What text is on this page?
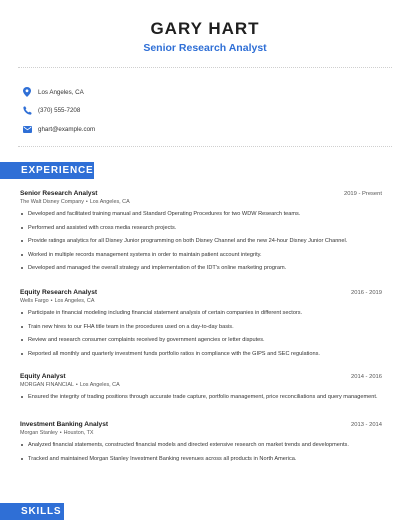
GARY HART
Senior Research Analyst
Los Angeles, CA
(370) 555-7208
ghart@example.com
EXPERIENCE
Senior Research Analyst	2019 - Present
The Walt Disney Company • Los Angeles, CA
Developed and facilitated training manual and Standard Operating Procedures for two WDW Research teams.
Performed and assisted with cross media research projects.
Provide ratings analytics for all Disney Junior programming on both Disney Channel and the new 24-hour Disney Junior Channel.
Worked in multiple records management systems in order to maintain patient account integrity.
Developed and managed the overall strategy and implementation of the IDT's online marketing program.
Equity Research Analyst	2016 - 2019
Wells Fargo • Los Angeles, CA
Participate in financial modeling including financial statement analysis of certain companies in different sectors.
Train new hires to our FHA title team in the procedures used on a day-to-day basis.
Review and research consumer complaints received by government agencies or letter disputes.
Reported all monthly and quarterly investment funds portfolio ratios in compliance with the GIPS and SEC regulations.
Equity Analyst	2014 - 2016
MORGAN FINANCIAL • Los Angeles, CA
Ensured the integrity of trading positions through accurate trade capture, portfolio management, price reconciliations and query management.
Investment Banking Analyst	2013 - 2014
Morgan Stanley • Houston, TX
Analyzed financial statements, constructed financial models and directed extensive research on market trends and developments.
Tracked and maintained Morgan Stanley Investment Banking revenues across all products in North America.
SKILLS
